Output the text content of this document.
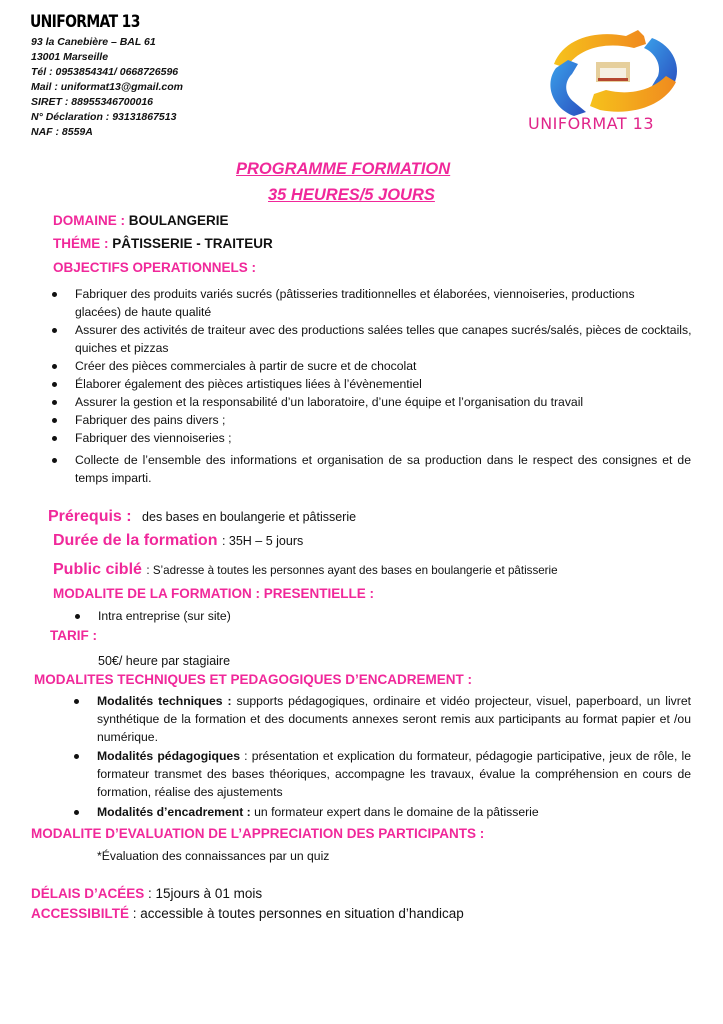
UNIFORMAT 13
93 la Canebière – BAL 61
13001 Marseille
Tél : 0953854341/ 0668726596
Mail : uniformat13@gmail.com
SIRET : 88955346700016
N° Déclaration : 93131867513
NAF : 8559A	UNIFORMAT 13
PROGRAMME FORMATION
35 HEURES/5 JOURS
DOMAINE : BOULANGERIE
THÉME : PÂTISSERIE - TRAITEUR
OBJECTIFS OPERATIONNELS :
Fabriquer des produits variés sucrés (pâtisseries traditionnelles et élaborées, viennoiseries, productions glacées) de haute qualité
Assurer des activités de traiteur avec des productions salées telles que canapes sucrés/salés, pièces de cocktails, quiches et pizzas
Créer des pièces commerciales à partir de sucre et de chocolat
Élaborer également des pièces artistiques liées à l’évènementiel
Assurer la gestion et la responsabilité d’un laboratoire, d’une équipe et l’organisation du travail
Fabriquer des pains divers ;
Fabriquer des viennoiseries ;
Collecte de l’ensemble des informations et organisation de sa production dans le respect des consignes et de temps imparti.
Prérequis : des bases en boulangerie et pâtisserie
Durée de la formation : 35H – 5 jours
Public ciblé : S’adresse à toutes les personnes ayant des bases en boulangerie et pâtisserie
MODALITE DE LA FORMATION : PRESENTIELLE :
Intra entreprise (sur site)
TARIF :
50€/ heure par stagiaire
MODALITES TECHNIQUES ET PEDAGOGIQUES D’ENCADREMENT :
Modalités techniques : supports pédagogiques, ordinaire et vidéo projecteur, visuel, paperboard, un livret synthétique de la formation et des documents annexes seront remis aux participants au format papier et /ou numérique.
Modalités pédagogiques : présentation et explication du formateur, pédagogie participative, jeux de rôle, le formateur transmet des bases théoriques, accompagne les travaux, évalue la compréhension en cours de formation, réalise des ajustements
Modalités d’encadrement : un formateur expert dans le domaine de la pâtisserie
MODALITE D’EVALUATION DE L’APPRECIATION DES PARTICIPANTS :
*Évaluation des connaissances par un quiz
DÉLAIS D’ACÉES : 15jours à 01 mois
ACCESSIBILTÉ : accessible à toutes personnes en situation d’handicap
